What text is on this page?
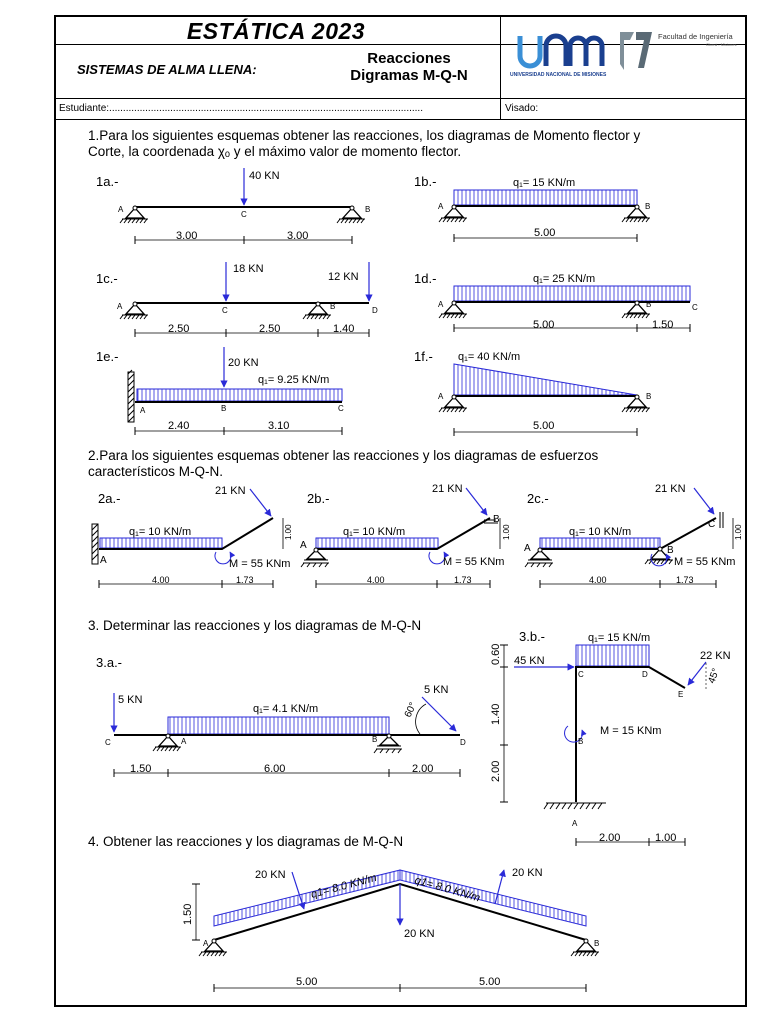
ESTÁTICA 2023
SISTEMAS DE ALMA LLENA:
Reacciones
Digramas M-Q-N
Estudiante:.................................................................................................................	Visado:
UNIVERSIDAD NACIONAL DE MISIONES
Facultad de Ingeniería
Oberá - Misiones
1.Para los siguientes esquemas obtener las reacciones, los diagramas de Momento flector y
Corte, la coordenada χₒ y el máximo valor de momento flector.
2.Para los siguientes esquemas obtener las reacciones y los diagramas de esfuerzos
característicos M-Q-N.
3. Determinar las reacciones y los diagramas de M-Q-N
4. Obtener las reacciones y los diagramas de M-Q-N
1a.-	40 KN
A
C
B
3.00	3.00
1b.-	q₁= 15 KN/m
A	B
5.00
1c.-
18 KN
12 KN
A	C	B	D
2.50	2.50	1.40
1d.-	q₁= 25 KN/m
A	B	C
5.00	1.50
1e.-	20 KN
q₁= 9.25 KN/m
A	B	C
2.40	3.10
1f.- q₁= 40 KN/m
A	B
5.00
2a.-	21 KN
q₁= 10 KN/m
M = 55 KNm
A
1.00
4.00	1.73
2b.-
21 KN
q₁= 10 KN/m
M = 55 KNm
A
B
1.00
4.00	1.73
2c.-
21 KN
q₁= 10 KN/m
M = 55 KNm
A	B
C 1.00
4.00	1.73
3.a.-
5 KN
5 KN
60°
q₁= 4.1 KN/m
C	A	B	D
1.50	6.00	2.00
3.b.-
45 KN	22 KN
45°
q₁= 15 KN/m
M = 15 KNm
C	D
E
B
A
0.60
1.40
2.00
2.00	1.00
20 KN
20 KN
20 KN
q1= 8.0 KN/m	q1= 8.0 KN/m
A	B
1.50
5.00	5.00
